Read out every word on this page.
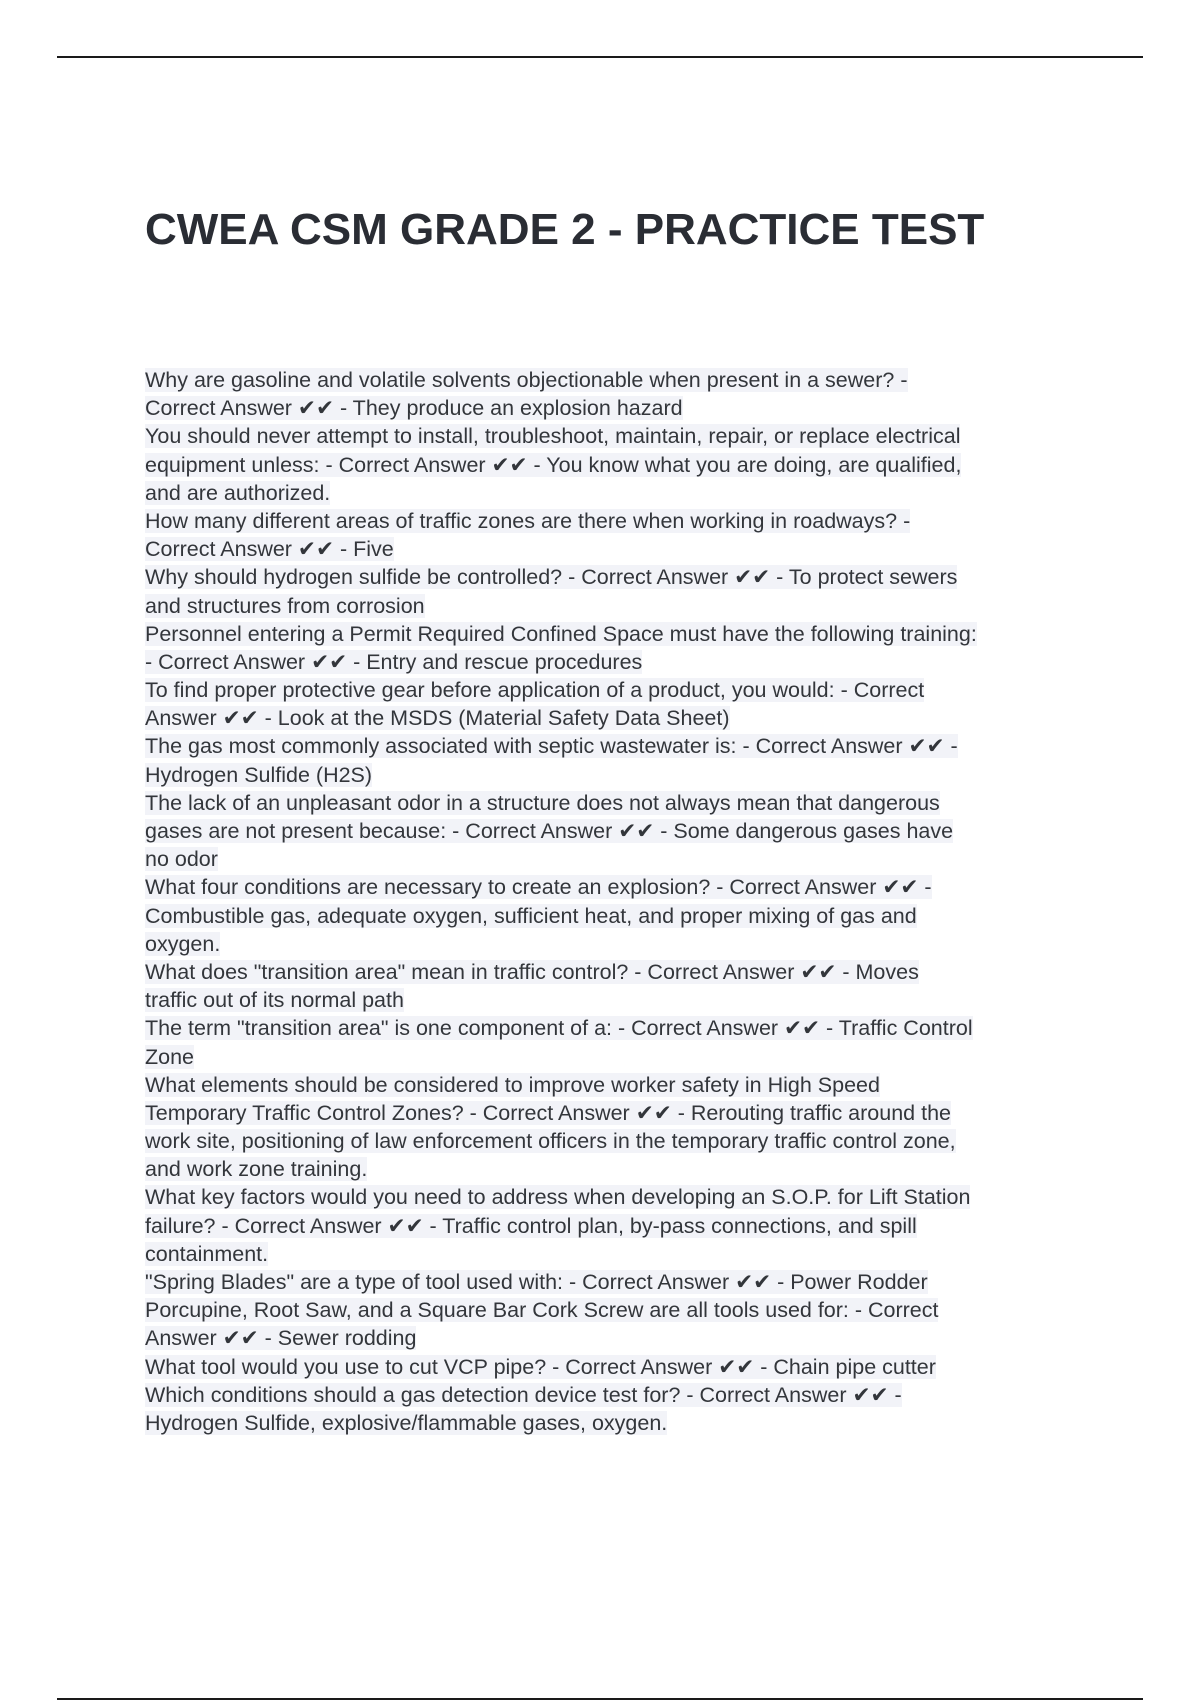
CWEA CSM GRADE 2 - PRACTICE TEST
Why are gasoline and volatile solvents objectionable when present in a sewer? -
Correct Answer ✔✔ - They produce an explosion hazard
You should never attempt to install, troubleshoot, maintain, repair, or replace electrical
equipment unless: - Correct Answer ✔✔ - You know what you are doing, are qualified,
and are authorized.
How many different areas of traffic zones are there when working in roadways? -
Correct Answer ✔✔ - Five
Why should hydrogen sulfide be controlled? - Correct Answer ✔✔ - To protect sewers
and structures from corrosion
Personnel entering a Permit Required Confined Space must have the following training:
- Correct Answer ✔✔ - Entry and rescue procedures
To find proper protective gear before application of a product, you would: - Correct
Answer ✔✔ - Look at the MSDS (Material Safety Data Sheet)
The gas most commonly associated with septic wastewater is: - Correct Answer ✔✔ -
Hydrogen Sulfide (H2S)
The lack of an unpleasant odor in a structure does not always mean that dangerous
gases are not present because: - Correct Answer ✔✔ - Some dangerous gases have
no odor
What four conditions are necessary to create an explosion? - Correct Answer ✔✔ -
Combustible gas, adequate oxygen, sufficient heat, and proper mixing of gas and
oxygen.
What does "transition area" mean in traffic control? - Correct Answer ✔✔ - Moves
traffic out of its normal path
The term "transition area" is one component of a: - Correct Answer ✔✔ - Traffic Control
Zone
What elements should be considered to improve worker safety in High Speed
Temporary Traffic Control Zones? - Correct Answer ✔✔ - Rerouting traffic around the
work site, positioning of law enforcement officers in the temporary traffic control zone,
and work zone training.
What key factors would you need to address when developing an S.O.P. for Lift Station
failure? - Correct Answer ✔✔ - Traffic control plan, by-pass connections, and spill
containment.
"Spring Blades" are a type of tool used with: - Correct Answer ✔✔ - Power Rodder
Porcupine, Root Saw, and a Square Bar Cork Screw are all tools used for: - Correct
Answer ✔✔ - Sewer rodding
What tool would you use to cut VCP pipe? - Correct Answer ✔✔ - Chain pipe cutter
Which conditions should a gas detection device test for? - Correct Answer ✔✔ -
Hydrogen Sulfide, explosive/flammable gases, oxygen.
